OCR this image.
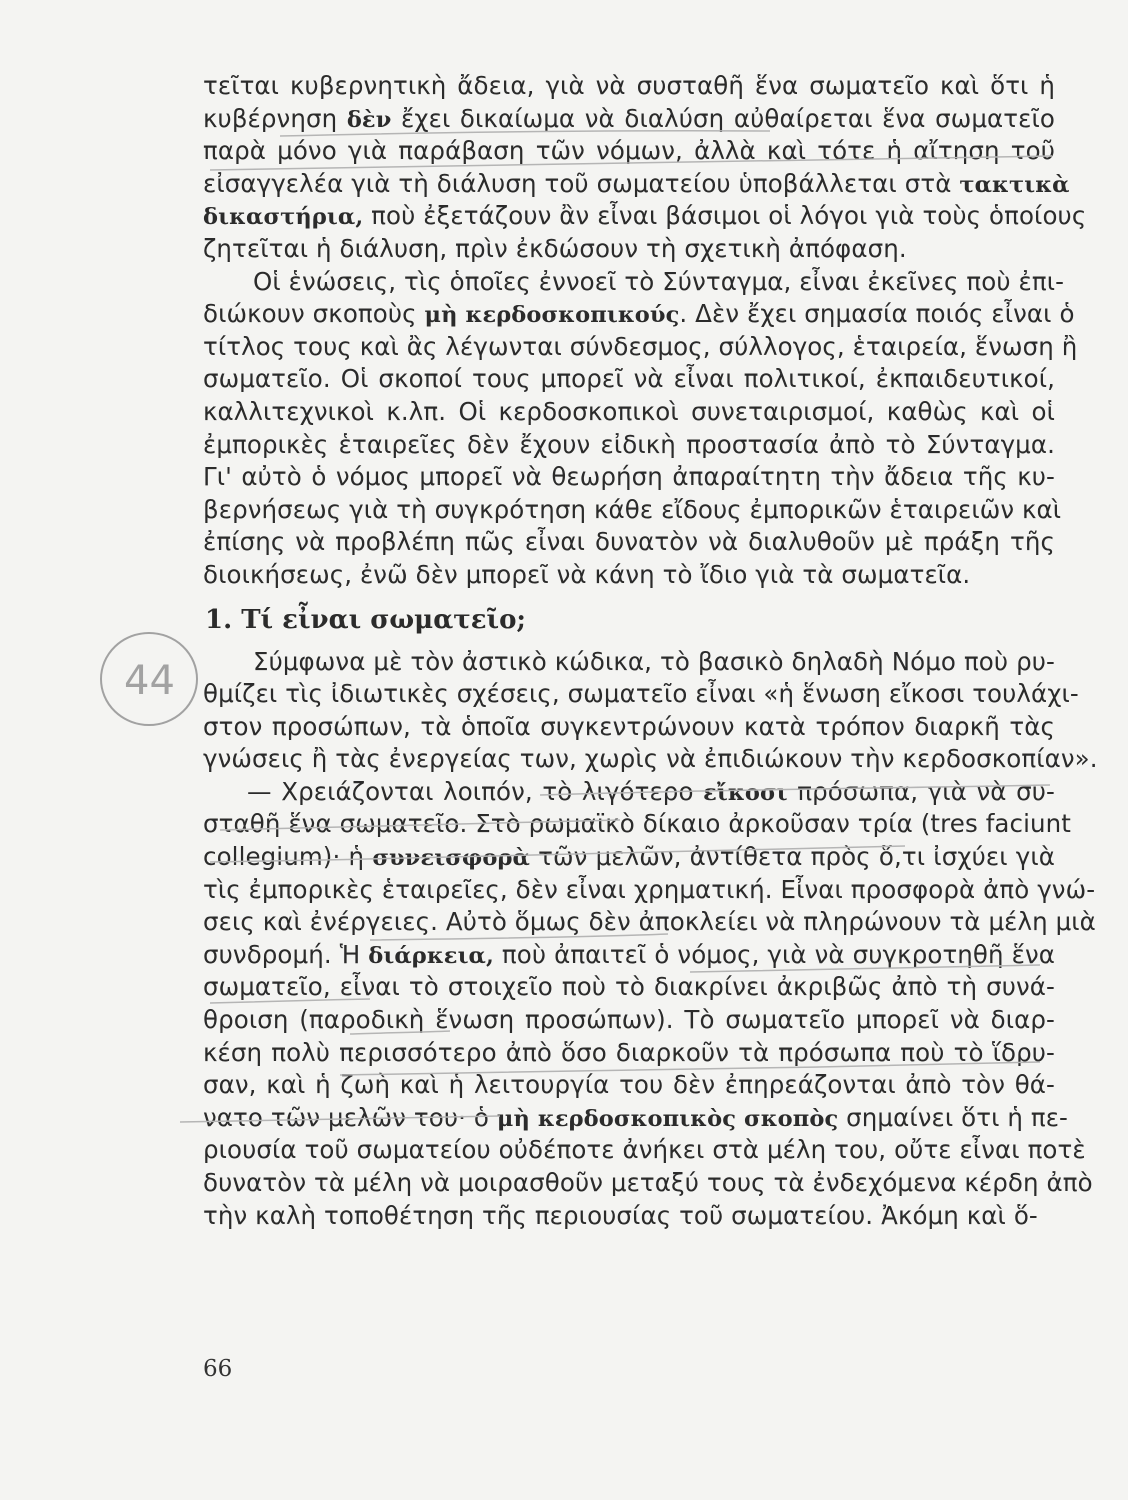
τεῖται κυβερνητικὴ ἄδεια, γιὰ νὰ συσταθῆ ἕνα σωματεῖο καὶ ὅτι ἡ
κυβέρνηση δὲν ἔχει δικαίωμα νὰ διαλύση αὐθαίρεται ἕνα σωματεῖο
παρὰ μόνο γιὰ παράβαση τῶν νόμων, ἀλλὰ καὶ τότε ἡ αἴτηση τοῦ
εἰσαγγελέα γιὰ τὴ διάλυση τοῦ σωματείου ὑποβάλλεται στὰ τακτικὰ
δικαστήρια, ποὺ ἐξετάζουν ἂν εἶναι βάσιμοι οἱ λόγοι γιὰ τοὺς ὁποίους
ζητεῖται ἡ διάλυση, πρὶν ἐκδώσουν τὴ σχετικὴ ἀπόφαση.
Οἱ ἑνώσεις, τὶς ὁποῖες ἐννοεῖ τὸ Σύνταγμα, εἶναι ἐκεῖνες ποὺ ἐπι-
διώκουν σκοποὺς μὴ κερδοσκοπικούς. Δὲν ἔχει σημασία ποιός εἶναι ὁ
τίτλος τους καὶ ἂς λέγωνται σύνδεσμος, σύλλογος, ἑταιρεία, ἕνωση ἢ
σωματεῖο. Οἱ σκοποί τους μπορεῖ νὰ εἶναι πολιτικοί, ἐκπαιδευτικοί,
καλλιτεχνικοὶ κ.λπ. Οἱ κερδοσκοπικοὶ συνεταιρισμοί, καθὼς καὶ οἱ
ἐμπορικὲς ἑταιρεῖες δὲν ἔχουν εἰδικὴ προστασία ἀπὸ τὸ Σύνταγμα.
Γι' αὐτὸ ὁ νόμος μπορεῖ νὰ θεωρήση ἀπαραίτητη τὴν ἄδεια τῆς κυ-
βερνήσεως γιὰ τὴ συγκρότηση κάθε εἴδους ἐμπορικῶν ἑταιρειῶν καὶ
ἐπίσης νὰ προβλέπη πῶς εἶναι δυνατὸν νὰ διαλυθοῦν μὲ πράξη τῆς
διοικήσεως, ἐνῶ δὲν μπορεῖ νὰ κάνη τὸ ἴδιο γιὰ τὰ σωματεῖα.
1. Τί εἶναι σωματεῖο;
Σύμφωνα μὲ τὸν ἀστικὸ κώδικα, τὸ βασικὸ δηλαδὴ Νόμο ποὺ ρυ-
θμίζει τὶς ἰδιωτικὲς σχέσεις, σωματεῖο εἶναι «ἡ ἕνωση εἴκοσι τουλάχι-
στον προσώπων, τὰ ὁποῖα συγκεντρώνουν κατὰ τρόπον διαρκῆ τὰς
γνώσεις ἢ τὰς ἐνεργείας των, χωρὶς νὰ ἐπιδιώκουν τὴν κερδοσκοπίαν».
— Χρειάζονται λοιπόν, τὸ λιγότερο εἴκοσι πρόσωπα, γιὰ νὰ συ-
σταθῆ ἕνα σωματεῖο. Στὸ ρωμαϊκὸ δίκαιο ἀρκοῦσαν τρία (tres faciunt
collegium)· ἡ συνεισφορὰ τῶν μελῶν, ἀντίθετα πρὸς ὅ,τι ἰσχύει γιὰ
τὶς ἐμπορικὲς ἑταιρεῖες, δὲν εἶναι χρηματική. Εἶναι προσφορὰ ἀπὸ γνώ-
σεις καὶ ἐνέργειες. Αὐτὸ ὅμως δὲν ἀποκλείει νὰ πληρώνουν τὰ μέλη μιὰ
συνδρομή. Ἡ διάρκεια, ποὺ ἀπαιτεῖ ὁ νόμος, γιὰ νὰ συγκροτηθῆ ἕνα
σωματεῖο, εἶναι τὸ στοιχεῖο ποὺ τὸ διακρίνει ἀκριβῶς ἀπὸ τὴ συνά-
θροιση (παροδικὴ ἕνωση προσώπων). Τὸ σωματεῖο μπορεῖ νὰ διαρ-
κέση πολὺ περισσότερο ἀπὸ ὅσο διαρκοῦν τὰ πρόσωπα ποὺ τὸ ἵδρυ-
σαν, καὶ ἡ ζωὴ καὶ ἡ λειτουργία του δὲν ἐπηρεάζονται ἀπὸ τὸν θά-
νατο τῶν μελῶν του· ὁ μὴ κερδοσκοπικὸς σκοπὸς σημαίνει ὅτι ἡ πε-
ριουσία τοῦ σωματείου οὐδέποτε ἀνήκει στὰ μέλη του, οὔτε εἶναι ποτὲ
δυνατὸν τὰ μέλη νὰ μοιρασθοῦν μεταξύ τους τὰ ἐνδεχόμενα κέρδη ἀπὸ
τὴν καλὴ τοποθέτηση τῆς περιουσίας τοῦ σωματείου. Ἀκόμη καὶ ὅ-
66
44
